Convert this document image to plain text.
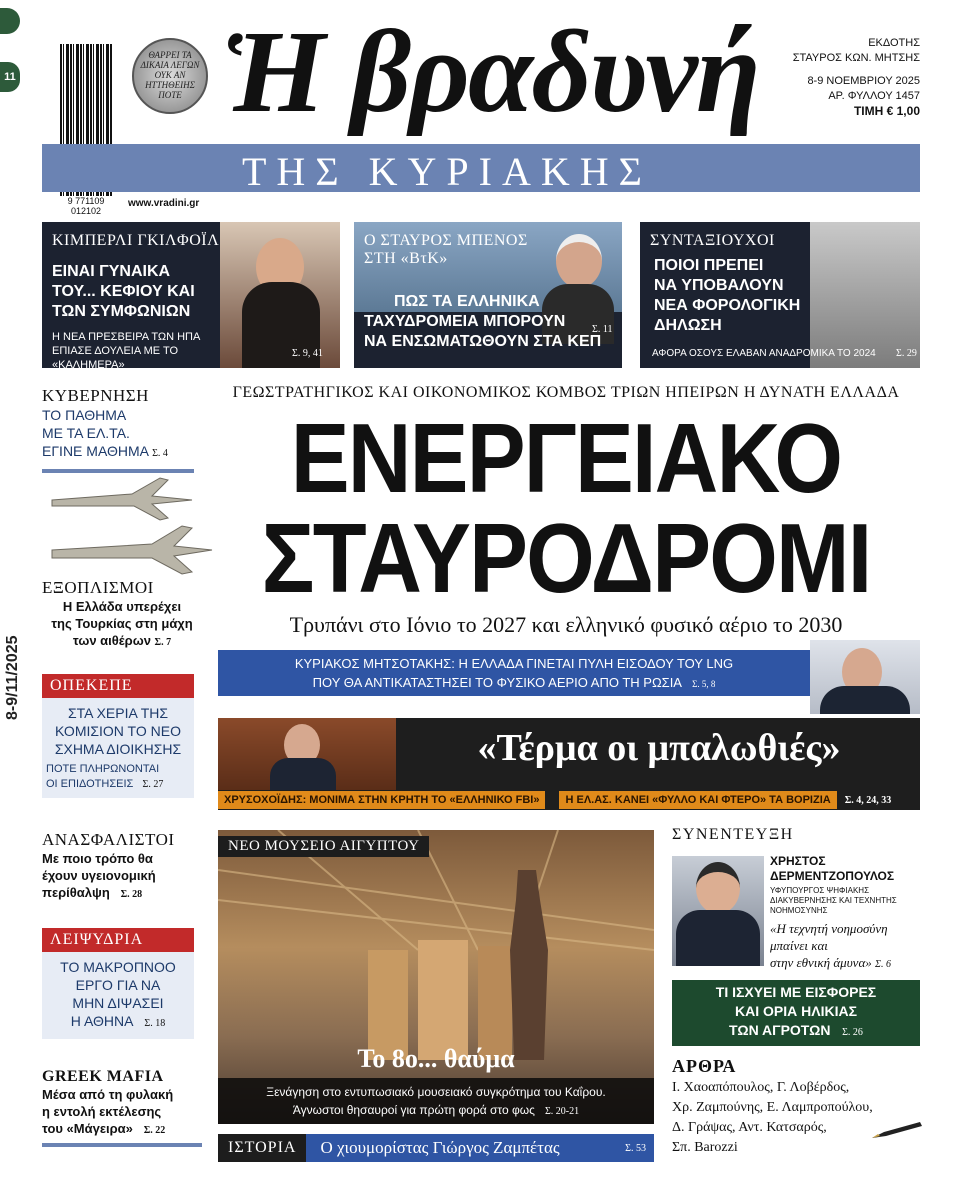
11
8-9/11/2025
9 771109 012102
ΘΑΡΡΕΙ ΤΑ ΔΙΚΑΙΑ ΛΕΓΩΝ ΟΥΚ ΑΝ ΗΤΤΗΘΕΙΗΣ ΠΟΤΕ Ἡ βραδυνή	ΕΚΔΟΤΗΣ
ΣΤΑΥΡΟΣ ΚΩΝ. ΜΗΤΣΗΣ
8-9 ΝΟΕΜΒΡΙΟΥ 2025
ΑΡ. ΦΥΛΛΟΥ 1457
ΤΙΜΗ € 1,00
ΤΗΣ ΚΥΡΙΑΚΗΣ
www.vradini.gr
ΚΙΜΠΕΡΛΙ ΓΚΙΛΦΟΪΛ
ΕΙΝΑΙ ΓΥΝΑΙΚΑ
ΤΟΥ... ΚΕΦΙΟΥ ΚΑΙ
ΤΩΝ ΣΥΜΦΩΝΙΩΝ
Η ΝΕΑ ΠΡΕΣΒΕΙΡΑ ΤΩΝ ΗΠΑ ΕΠΙΑΣΕ ΔΟΥΛΕΙΑ ΜΕ ΤΟ «ΚΑΛΗΜΕΡΑ»
Σ. 9, 41
Ο ΣΤΑΥΡΟΣ ΜΠΕΝΟΣ ΣΤΗ «ΒτΚ»
ΠΩΣ ΤΑ ΕΛΛΗΝΙΚΑ
ΤΑΧΥΔΡΟΜΕΙΑ ΜΠΟΡΟΥΝ
ΝΑ ΕΝΣΩΜΑΤΩΘΟΥΝ ΣΤΑ ΚΕΠ
Σ. 11
ΣΥΝΤΑΞΙΟΥΧΟΙ
ΠΟΙΟΙ ΠΡΕΠΕΙ
ΝΑ ΥΠΟΒΑΛΟΥΝ
ΝΕΑ ΦΟΡΟΛΟΓΙΚΗ
ΔΗΛΩΣΗ
ΑΦΟΡΑ ΟΣΟΥΣ ΕΛΑΒΑΝ ΑΝΑΔΡΟΜΙΚΑ ΤΟ 2024 Σ. 29
ΚΥΒΕΡΝΗΣΗ
ΤΟ ΠΑΘΗΜΑ
ΜΕ ΤΑ ΕΛ.ΤΑ.
ΕΓΙΝΕ ΜΑΘΗΜΑ Σ. 4
ΕΞΟΠΛΙΣΜΟΙ
Η Ελλάδα υπερέχει
της Τουρκίας στη μάχη
των αιθέρων Σ. 7
ΟΠΕΚΕΠΕ
ΣΤΑ ΧΕΡΙΑ ΤΗΣ
ΚΟΜΙΣΙΟΝ ΤΟ ΝΕΟ
ΣΧΗΜΑ ΔΙΟΙΚΗΣΗΣ
ΠΟΤΕ ΠΛΗΡΩΝΟΝΤΑΙ
ΟΙ ΕΠΙΔΟΤΗΣΕΙΣ Σ. 27
ΑΝΑΣΦΑΛΙΣΤΟΙ
Με ποιο τρόπο θα
έχουν υγειονομική
περίθαλψη Σ. 28
ΛΕΙΨΥΔΡΙΑ
ΤΟ ΜΑΚΡΟΠΝΟΟ
ΕΡΓΟ ΓΙΑ ΝΑ
ΜΗΝ ΔΙΨΑΣΕΙ
Η ΑΘΗΝΑ Σ. 18
GREEK MAFIA
Μέσα από τη φυλακή
η εντολή εκτέλεσης
του «Μάγειρα» Σ. 22
ΓΕΩΣΤΡΑΤΗΓΙΚΟΣ ΚΑΙ ΟΙΚΟΝΟΜΙΚΟΣ ΚΟΜΒΟΣ ΤΡΙΩΝ ΗΠΕΙΡΩΝ Η ΔΥΝΑΤΗ ΕΛΛΑΔΑ
ΕΝΕΡΓΕΙΑΚΟ
ΣΤΑΥΡΟΔΡΟΜΙ
Τρυπάνι στο Ιόνιο το 2027 και ελληνικό φυσικό αέριο το 2030
ΚΥΡΙΑΚΟΣ ΜΗΤΣΟΤΑΚΗΣ: Η ΕΛΛΑΔΑ ΓΙΝΕΤΑΙ ΠΥΛΗ ΕΙΣΟΔΟΥ ΤΟΥ LNG
ΠΟΥ ΘΑ ΑΝΤΙΚΑΤΑΣΤΗΣΕΙ ΤΟ ΦΥΣΙΚΟ ΑΕΡΙΟ ΑΠΟ ΤΗ ΡΩΣΙΑ Σ. 5, 8
«Τέρμα οι μπαλωθιές»
ΧΡΥΣΟΧΟΪΔΗΣ: ΜΟΝΙΜΑ ΣΤΗΝ ΚΡΗΤΗ ΤΟ «ΕΛΛΗΝΙΚΟ FBI»	Η ΕΛ.ΑΣ. ΚΑΝΕΙ «ΦΥΛΛΟ ΚΑΙ ΦΤΕΡΟ» ΤΑ ΒΟΡΙΖΙΑ	Σ. 4, 24, 33
ΝΕΟ ΜΟΥΣΕΙΟ ΑΙΓΥΠΤΟΥ
Το 8ο... θαύμα
Ξενάγηση στο εντυπωσιακό μουσειακό συγκρότημα του Καΐρου.
Άγνωστοι θησαυροί για πρώτη φορά στο φως Σ. 20-21
ΙΣΤΟΡΙΑ	Ο χιουμορίστας Γιώργος Ζαμπέτας	Σ. 53
ΣΥΝΕΝΤΕΥΞΗ
ΧΡΗΣΤΟΣ
ΔΕΡΜΕΝΤΖΟΠΟΥΛΟΣ
ΥΦΥΠΟΥΡΓΟΣ ΨΗΦΙΑΚΗΣ ΔΙΑΚΥΒΕΡΝΗΣΗΣ ΚΑΙ ΤΕΧΝΗΤΗΣ ΝΟΗΜΟΣΥΝΗΣ
«Η τεχνητή νοημοσύνη
μπαίνει και
στην εθνική άμυνα» Σ. 6
ΤΙ ΙΣΧΥΕΙ ΜΕ ΕΙΣΦΟΡΕΣ
ΚΑΙ ΟΡΙΑ ΗΛΙΚΙΑΣ
ΤΩΝ ΑΓΡΟΤΩΝ Σ. 26
ΑΡΘΡΑ
Ι. Χαοαπόπουλος, Γ. Λοβέρδος,
Χρ. Ζαμπούνης, Ε. Λαμπροπούλου,
Δ. Γράψας, Αντ. Κατσαρός,
Σπ. Barozzi
